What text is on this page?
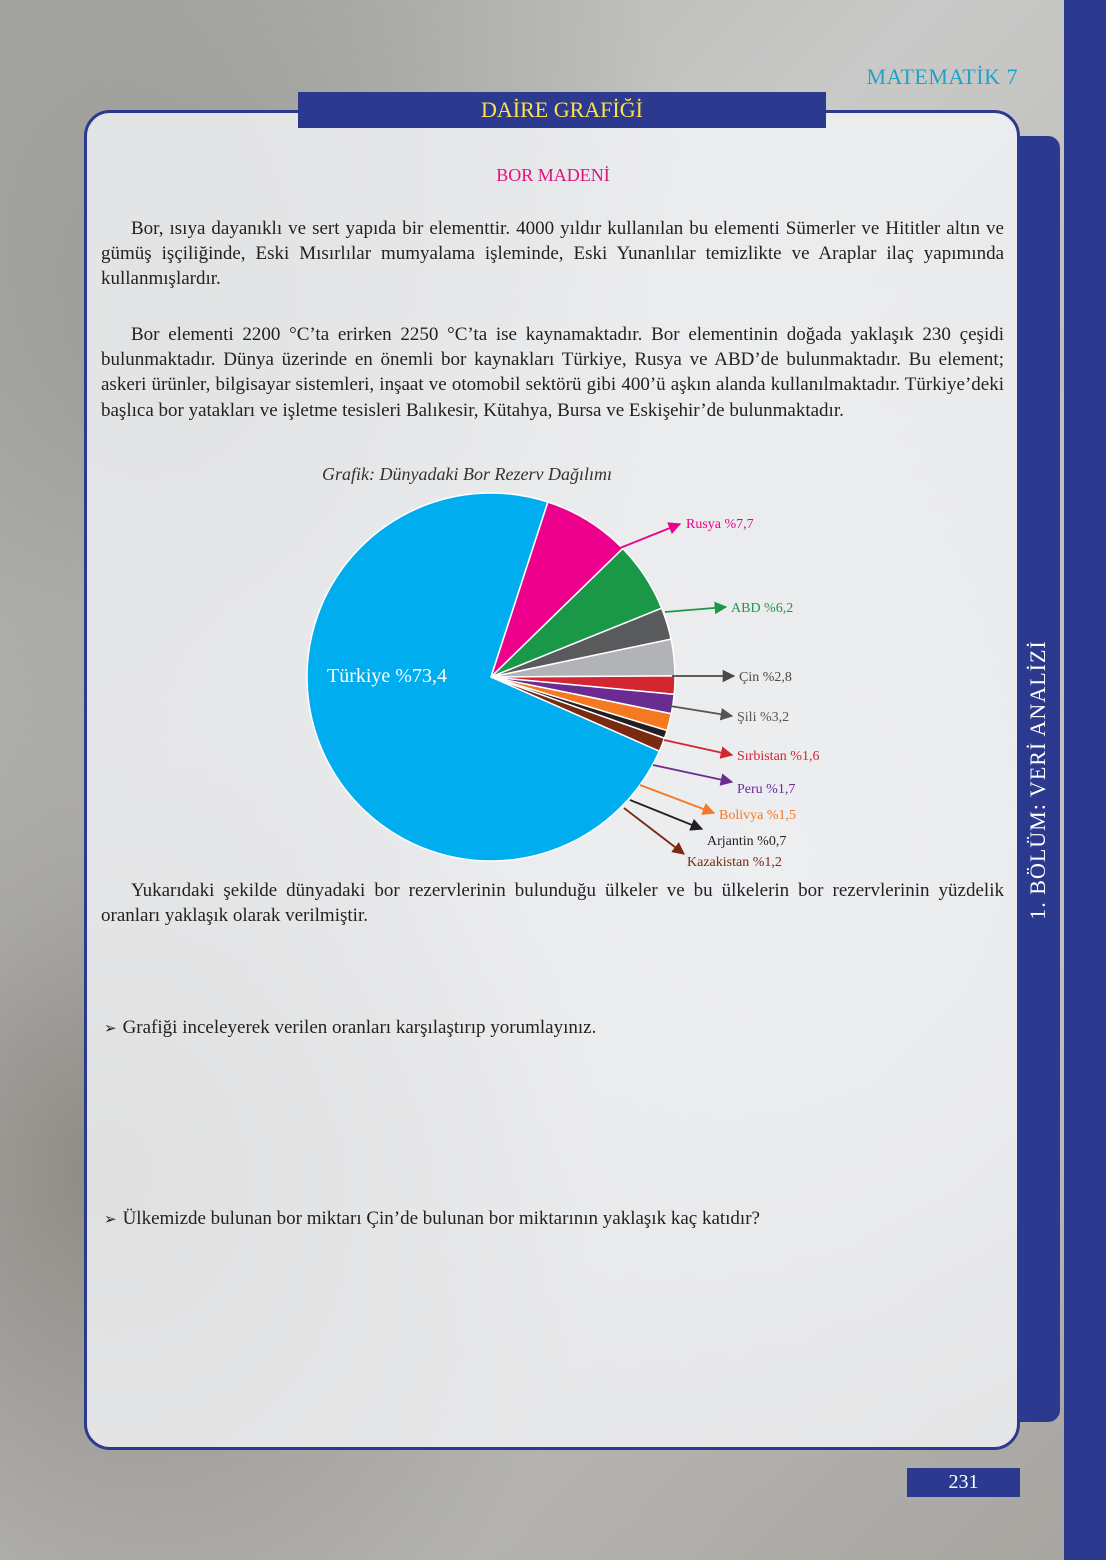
MATEMATİK 7
1. BÖLÜM: VERİ ANALİZİ
DAİRE GRAFİĞİ
BOR MADENİ

Bor, ısıya dayanıklı ve sert yapıda bir elementtir. 4000 yıldır kullanılan bu elementi Sümerler ve Hititler altın ve gümüş işçiliğinde, Eski Mısırlılar mumyalama işleminde, Eski Yunanlılar temizlikte ve Araplar ilaç yapımında kullanmışlardır.

Bor elementi 2200 °C’ta erirken 2250 °C’ta ise kaynamaktadır. Bor elementinin doğada yaklaşık 230 çeşidi bulunmaktadır. Dünya üzerinde en önemli bor kaynakları Türkiye, Rusya ve ABD’de bulunmaktadır. Bu element; askeri ürünler, bilgisayar sistemleri, inşaat ve otomobil sektörü gibi 400’ü aşkın alanda kullanılmaktadır. Türkiye’deki başlıca bor yatakları ve işletme tesisleri Balıkesir, Kütahya, Bursa ve Eskişehir’de bulunmaktadır.

Grafik: Dünyadaki Bor Rezerv Dağılımı
Türkiye %73,4
Rusya %7,7
ABD %6,2
Çin %2,8
Şili %3,2
Sırbistan %1,6
Peru %1,7
Bolivya %1,5
Arjantin %0,7
Kazakistan %1,2

Yukarıdaki şekilde dünyadaki bor rezervlerinin bulunduğu ülkeler ve bu ülkelerin bor rezervlerinin yüzdelik oranları yaklaşık olarak verilmiştir.

➢ Grafiği inceleyerek verilen oranları karşılaştırıp yorumlayınız.
➢ Ülkemizde bulunan bor miktarı Çin’de bulunan bor miktarının yaklaşık kaç katıdır?
231
